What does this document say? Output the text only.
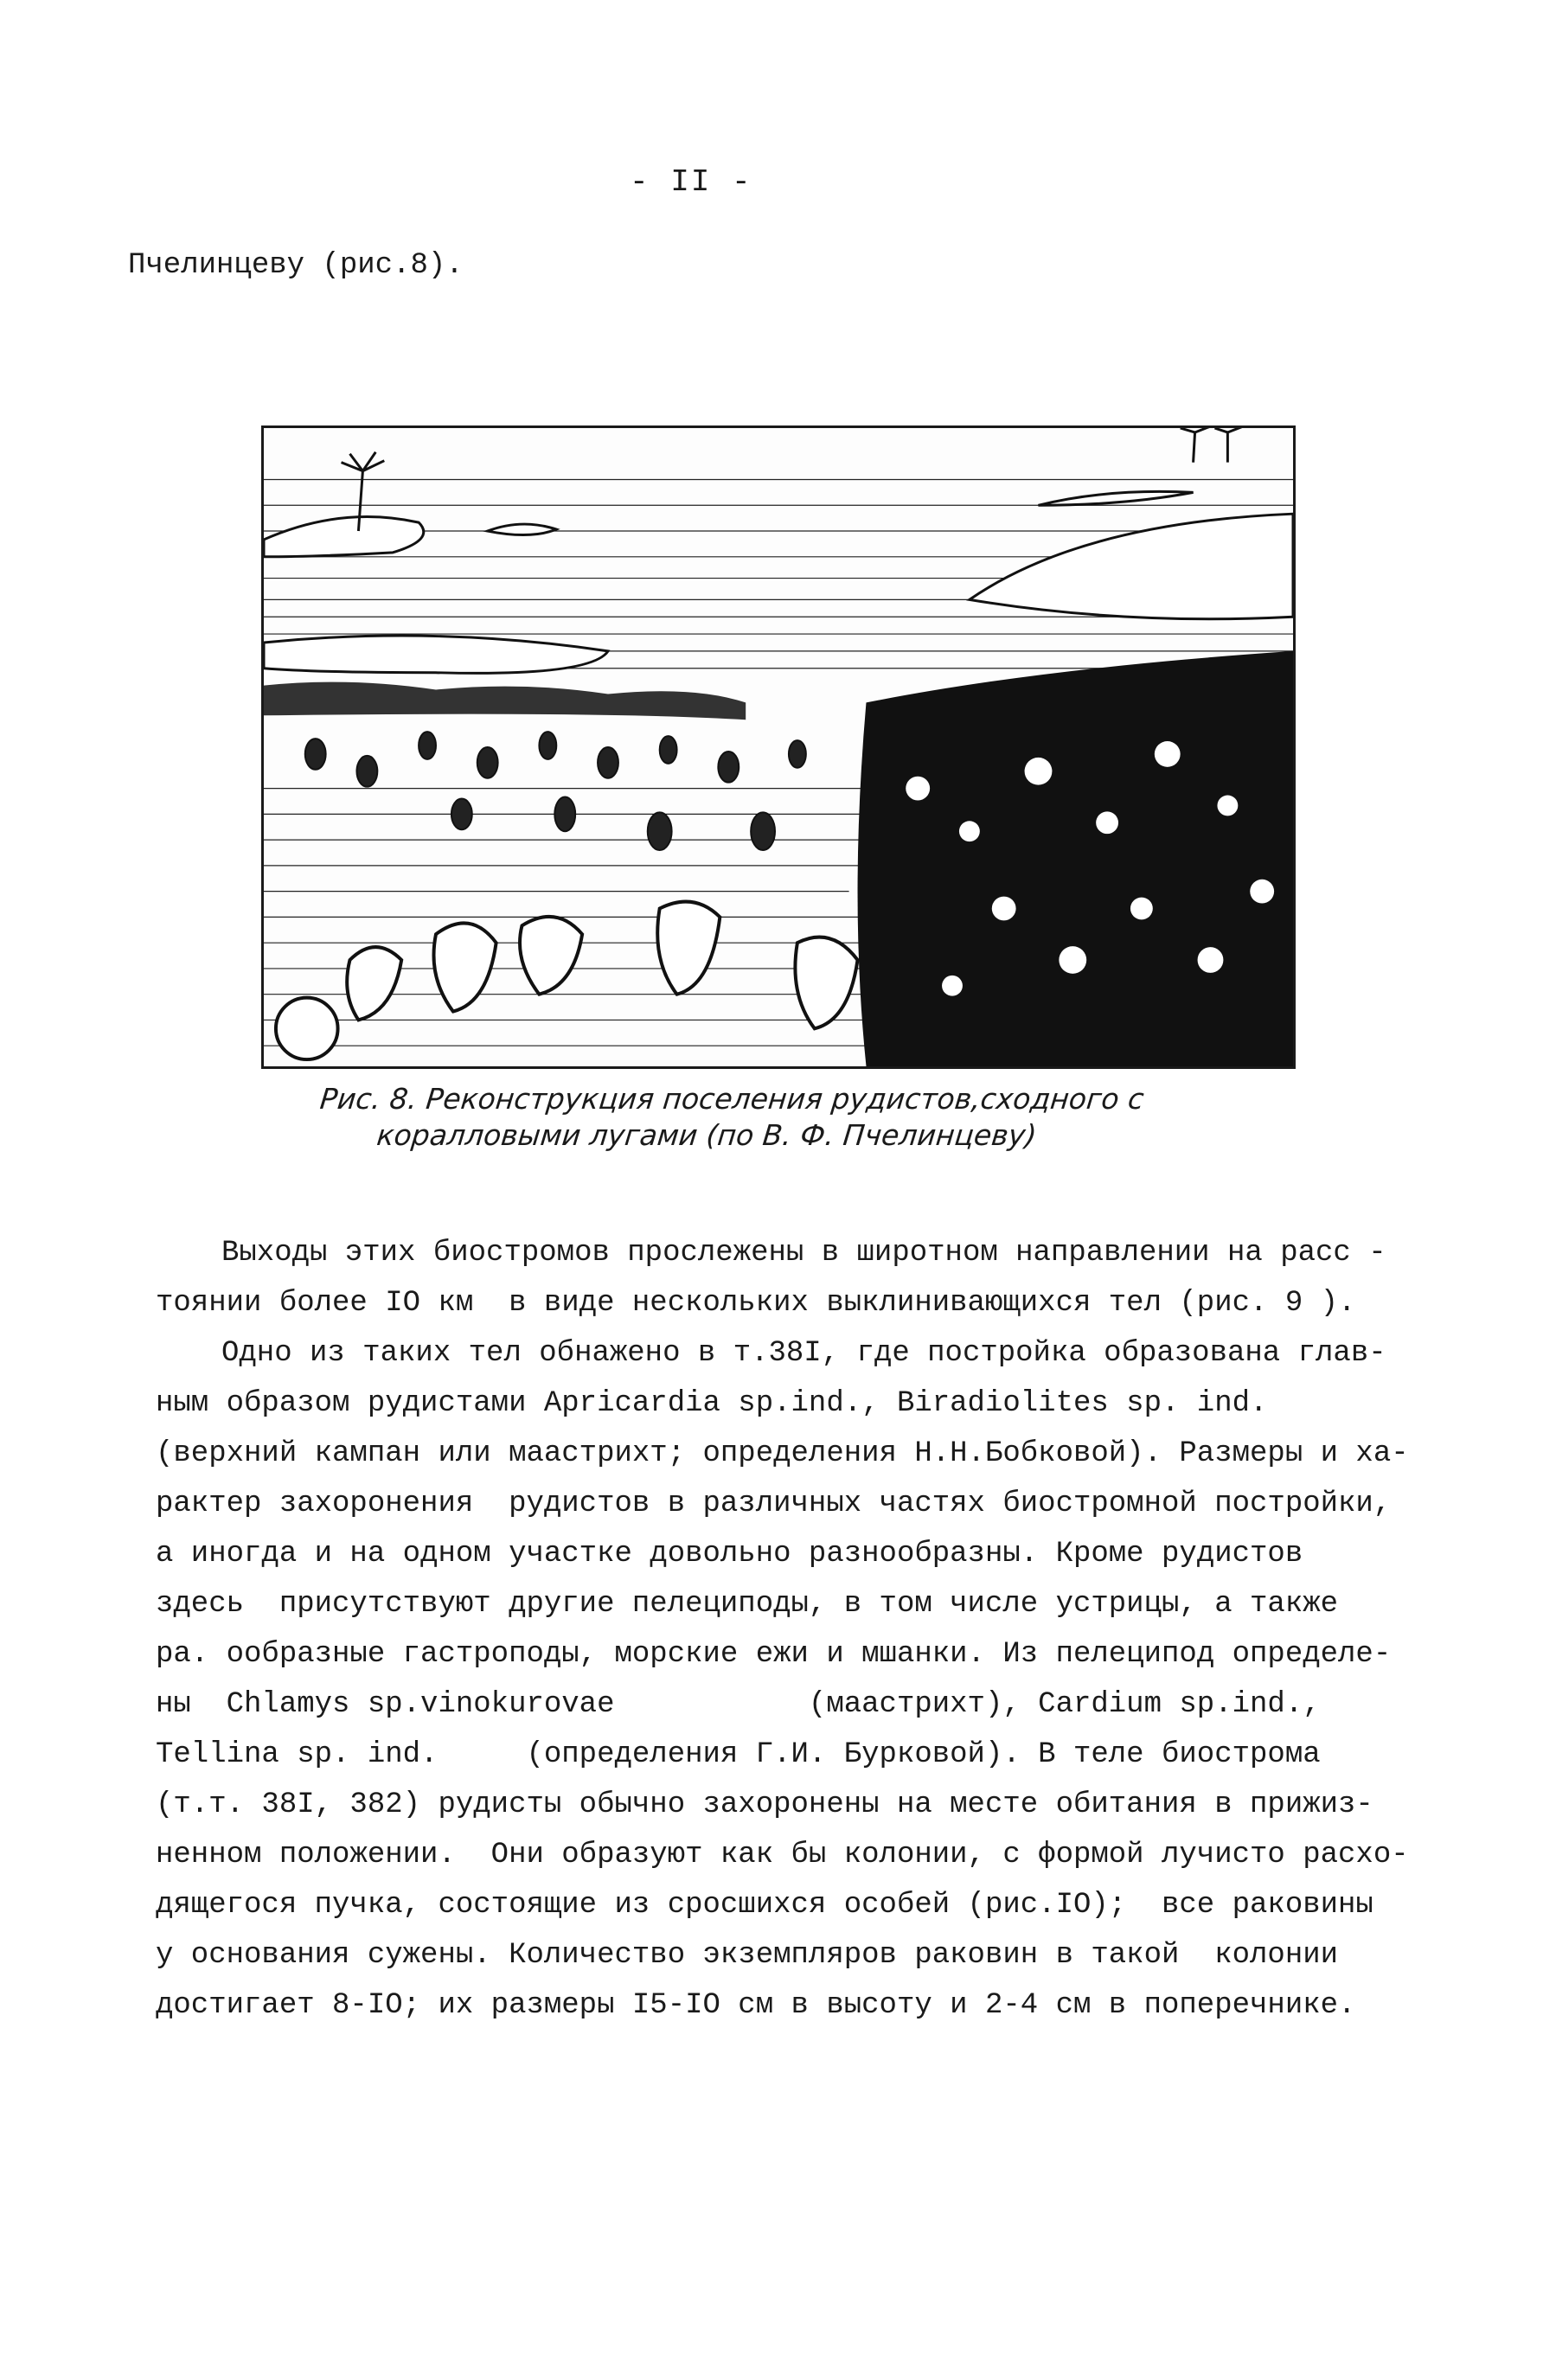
- II -
Пчелинцеву (рис.8).
Рис. 8. Реконструкция поселения рудистов,сходного с
коралловыми лугами (по В. Ф. Пчелинцеву)

Выходы этих биостромов прослежены в широтном направлении на расс -

тоянии более IO км  в виде нескольких выклинивающихся тел (рис. 9 ).

Одно из таких тел обнажено в т.38I, где постройка образована глав-

ным образом рудистами Apricardia sp.ind., Biradiolites sp. ind.

(верхний кампан или маастрихт; определения Н.Н.Бобковой). Размеры и ха-

рактер захоронения  рудистов в различных частях биостромной постройки,

а иногда и на одном участке довольно разнообразны. Кроме рудистов

здесь  присутствуют другие пелециподы, в том числе устрицы, а также

ра. ообразные гастроподы, морские ежи и мшанки. Из пелеципод определе-

ны  Chlamys sp.vinokurovae           (маастрихт), Cardium sp.ind.,

Tellina sp. ind.     (определения Г.И. Бурковой). В теле биострома

(т.т. 38I, 382) рудисты обычно захоронены на месте обитания в прижиз-

ненном положении.  Они образуют как бы колонии, с формой лучисто расхо-

дящегося пучка, состоящие из сросшихся особей (рис.IO);  все раковины

у основания сужены. Количество экземпляров раковин в такой  колонии

достигает 8-IO; их размеры I5-IO см в высоту и 2-4 см в поперечнике.
